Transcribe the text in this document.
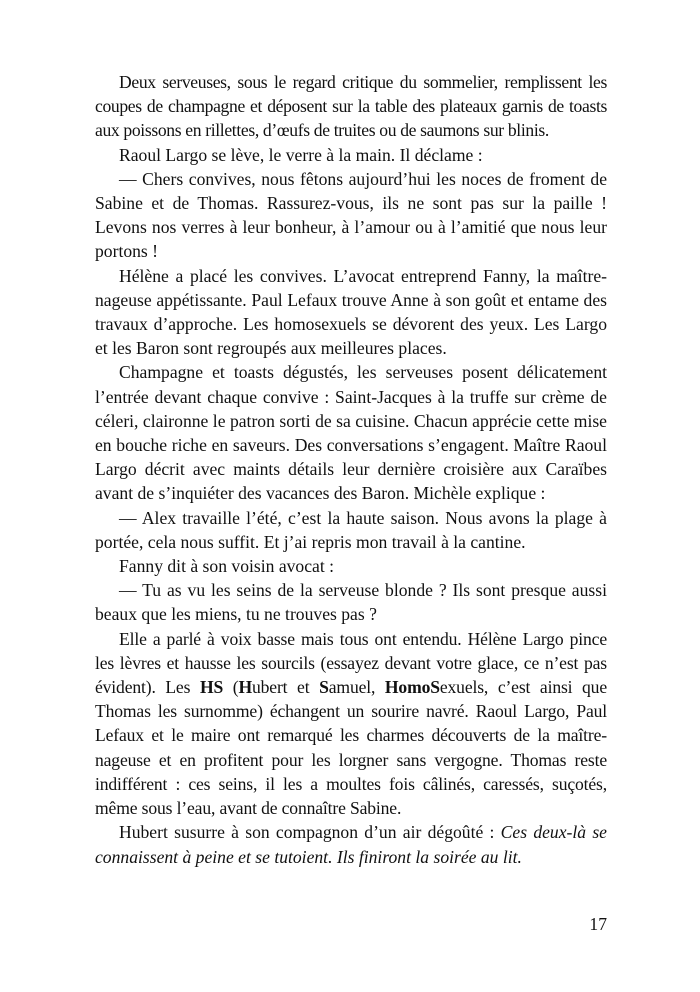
Deux serveuses, sous le regard critique du sommelier, remplissent les coupes de champagne et déposent sur la table des plateaux garnis de toasts aux poissons en rillettes, d’œufs de truites ou de saumons sur blinis.

Raoul Largo se lève, le verre à la main. Il déclame :

— Chers convives, nous fêtons aujourd’hui les noces de froment de Sabine et de Thomas. Rassurez-vous, ils ne sont pas sur la paille ! Levons nos verres à leur bonheur, à l’amour ou à l’amitié que nous leur portons !

Hélène a placé les convives. L’avocat entreprend Fanny, la maître-nageuse appétissante. Paul Lefaux trouve Anne à son goût et entame des travaux d’approche. Les homosexuels se dévorent des yeux. Les Largo et les Baron sont regroupés aux meilleures places.

Champagne et toasts dégustés, les serveuses posent délicatement l’entrée devant chaque convive : Saint-Jacques à la truffe sur crème de céleri, claironne le patron sorti de sa cuisine. Chacun apprécie cette mise en bouche riche en saveurs. Des conversations s’engagent. Maître Raoul Largo décrit avec maints détails leur dernière croisière aux Caraïbes avant de s’inquiéter des vacances des Baron. Michèle explique :

— Alex travaille l’été, c’est la haute saison. Nous avons la plage à portée, cela nous suffit. Et j’ai repris mon travail à la cantine.

Fanny dit à son voisin avocat :

— Tu as vu les seins de la serveuse blonde ? Ils sont presque aussi beaux que les miens, tu ne trouves pas ?

Elle a parlé à voix basse mais tous ont entendu. Hélène Largo pince les lèvres et hausse les sourcils (essayez devant votre glace, ce n’est pas évident). Les HS (Hubert et Samuel, HomoSexuels, c’est ainsi que Thomas les surnomme) échangent un sourire navré. Raoul Largo, Paul Lefaux et le maire ont remarqué les charmes découverts de la maître-nageuse et en profitent pour les lorgner sans vergogne. Thomas reste indifférent : ces seins, il les a moultes fois câlinés, caressés, suçotés, même sous l’eau, avant de connaître Sabine.

Hubert susurre à son compagnon d’un air dégoûté : Ces deux-là se connaissent à peine et se tutoient. Ils finiront la soirée au lit.

17
